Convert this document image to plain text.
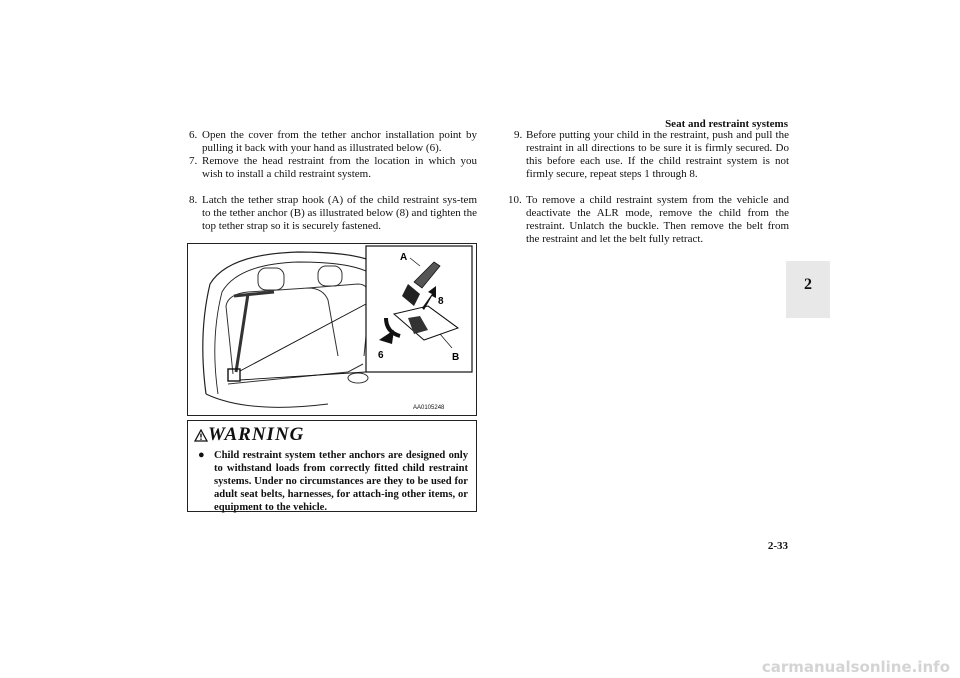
Seat and restraint systems
2
6. Open the cover from the tether anchor installation point by pulling it back with your hand as illustrated below (6).
7. Remove the head restraint from the location in which you wish to install a child restraint system.
8. Latch the tether strap hook (A) of the child restraint sys-tem to the tether anchor (B) as illustrated below (8) and tighten the top tether strap so it is securely fastened.
A
8
6	B
AA0105248
WARNING
● Child restraint system tether anchors are designed only to withstand loads from correctly fitted child restraint systems. Under no circumstances are they to be used for adult seat belts, harnesses, for attach-ing other items, or equipment to the vehicle.
9. Before putting your child in the restraint, push and pull the restraint in all directions to be sure it is firmly secured. Do this before each use. If the child restraint system is not firmly secure, repeat steps 1 through 8.
10. To remove a child restraint system from the vehicle and deactivate the ALR mode, remove the child from the restraint. Unlatch the buckle. Then remove the belt from the restraint and let the belt fully retract.
2-33
carmanualsonline.info
